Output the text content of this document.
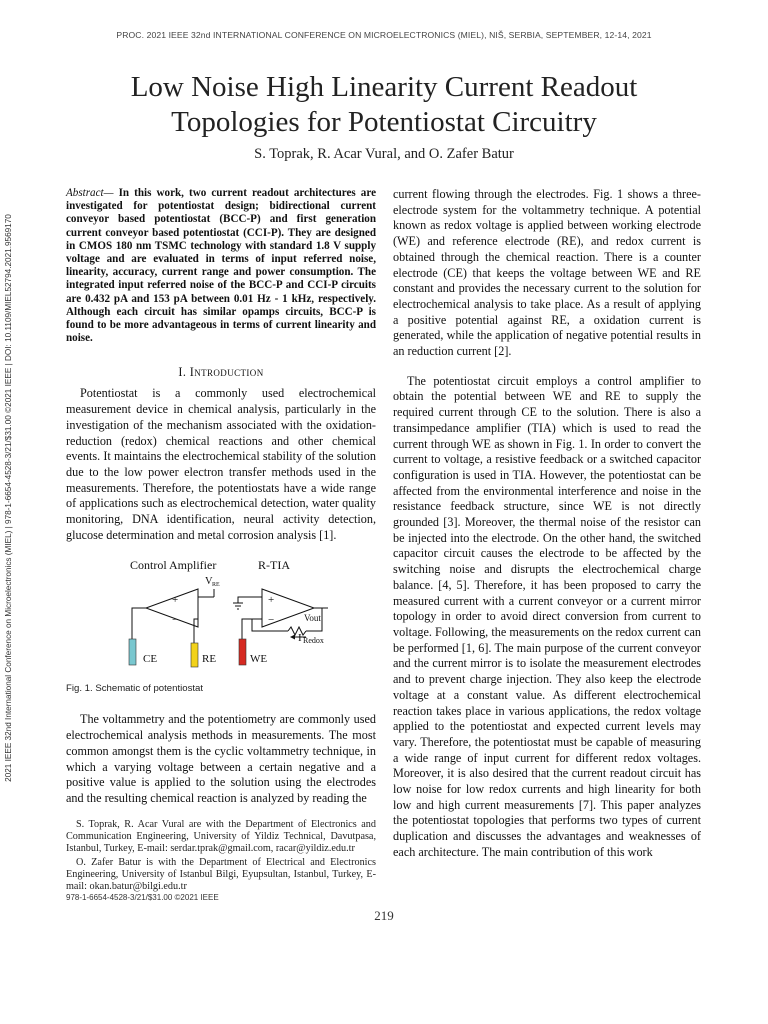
PROC. 2021 IEEE 32nd INTERNATIONAL CONFERENCE ON MICROELECTRONICS (MIEL), NIŠ, SERBIA, SEPTEMBER, 12-14, 2021
Low Noise High Linearity Current Readout
Topologies for Potentiostat Circuitry
S. Toprak, R. Acar Vural, and O. Zafer Batur
2021 IEEE 32nd International Conference on Microelectronics (MIEL) | 978-1-6654-4528-3/21/$31.00 ©2021 IEEE | DOI: 10.1109/MIEL52794.2021.9569170
Abstract— In this work, two current readout architectures are investigated for potentiostat design; bidirectional current conveyor based potentiostat (BCC-P) and first generation current conveyor based potentiostat (CCI-P). They are designed in CMOS 180 nm TSMC technology with standard 1.8 V supply voltage and are evaluated in terms of input referred noise, linearity, accuracy, current range and power consumption. The integrated input referred noise of the BCC-P and CCI-P circuits are 0.432 pA and 153 pA between 0.01 Hz - 1 kHz, respectively. Although each circuit has similar opamps circuits, BCC-P is found to be more advantageous in terms of current linearity and noise.
I. Introduction

Potentiostat is a commonly used electrochemical measurement device in chemical analysis, particularly in the investigation of the mechanism associated with the oxidation-reduction (redox) chemical reactions and other chemical events. It maintains the electrochemical stability of the solution due to the low power electron transfer methods used in the measurements. Therefore, the potentiostats have a wide range of applications such as electrochemical detection, water quality monitoring, DNA identification, neural activity detection, glucose determination and metal corrosion analysis [1].

Control Amplifier	R-TIA
V RE
Vout
I Redox
+
−
+
−
CE	RE	WE
Fig. 1. Schematic of potentiostat

The voltammetry and the potentiometry are commonly used electrochemical analysis methods in measurements. The most common amongst them is the cyclic voltammetry technique, in which a varying voltage between a certain negative and a positive value is applied to the solution using the electrodes and the resulting chemical reaction is analyzed by reading the

S. Toprak, R. Acar Vural are with the Department of Electronics and Communication Engineering, University of Yildiz Technical, Davutpasa, Istanbul, Turkey, E-mail: serdar.tprak@gmail.com, racar@yildiz.edu.tr

O. Zafer Batur is with the Department of Electrical and Electronics Engineering, University of Istanbul Bilgi, Eyupsultan, Istanbul, Turkey, E-mail: okan.batur@bilgi.edu.tr

current flowing through the electrodes. Fig. 1 shows a three-electrode system for the voltammetry technique. A potential known as redox voltage is applied between working electrode (WE) and reference electrode (RE), and redox current is obtained through the chemical reaction. There is a counter electrode (CE) that keeps the voltage between WE and RE constant and provides the necessary current to the solution for electrochemical analysis to take place. As a result of applying a positive potential against RE, a oxidation current is generated, while the application of negative potential results in an reduction current [2].

The potentiostat circuit employs a control amplifier to obtain the potential between WE and RE to supply the required current through CE to the solution. There is also a transimpedance amplifier (TIA) which is used to read the current through WE as shown in Fig. 1. In order to convert the current to voltage, a resistive feedback or a switched capacitor configuration is used in TIA. However, the potentiostat can be affected from the environmental interference and noise in the resistance feedback structure, since WE is not directly grounded [3]. Moreover, the thermal noise of the resistor can be injected into the electrode. On the other hand, the switched capacitor circuit causes the electrode to be affected by the switching noise and disrupts the electrochemical charge balance. [4, 5]. Therefore, it has been proposed to carry the measured current with a current conveyor or a current mirror topology in order to avoid direct conversion from current to voltage. Following, the measurements on the redox current can be performed [1, 6]. The main purpose of the current conveyor and the current mirror is to isolate the measurement electrodes and to prevent charge injection. They also keep the electrode voltage at a constant value. As different electrochemical reaction takes place in various applications, the redox voltage applied to the potentiostat and expected current levels may vary. Therefore, the potentiostat must be capable of measuring a wide range of input current for different redox voltages. Moreover, it is also desired that the current readout circuit has low noise for low redox currents and high linearity for both low and high current measurements [7]. This paper analyzes the potentiostat topologies that performs two types of current duplication and discusses the advantages and weaknesses of each architecture. The main contribution of this work

978-1-6654-4528-3/21/$31.00 ©2021 IEEE
219
